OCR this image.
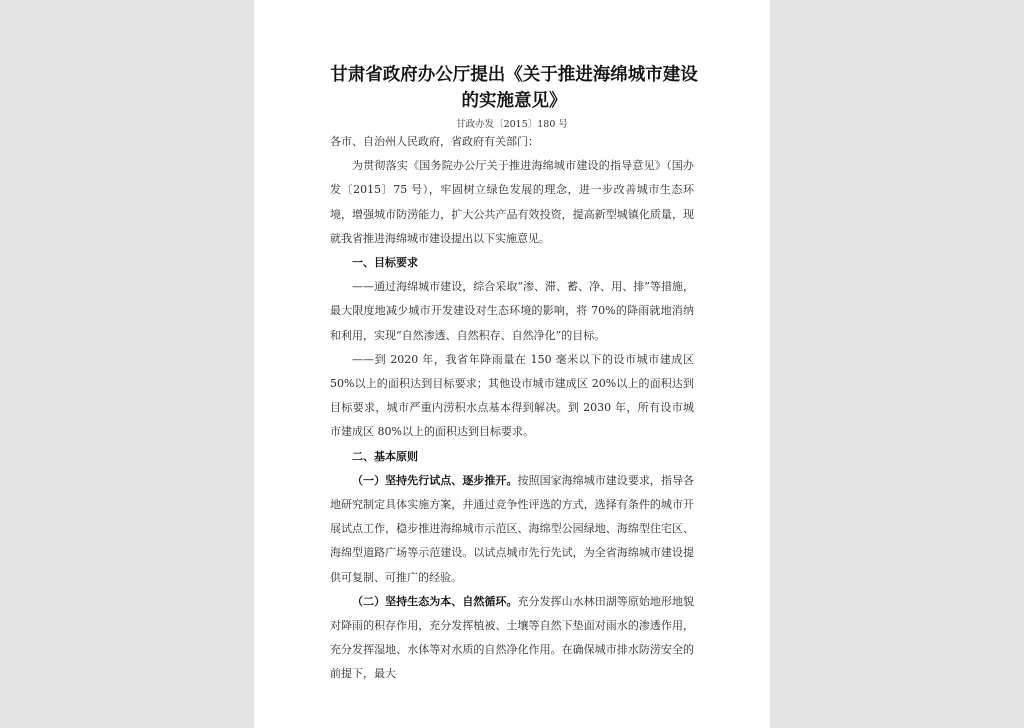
甘肃省政府办公厅提出《关于推进海绵城市建设的实施意见》
甘政办发〔2015〕180 号

各市、自治州人民政府，省政府有关部门：

为贯彻落实《国务院办公厅关于推进海绵城市建设的指导意见》（国办发〔2015〕75 号），牢固树立绿色发展的理念，进一步改善城市生态环境，增强城市防涝能力，扩大公共产品有效投资，提高新型城镇化质量，现就我省推进海绵城市建设提出以下实施意见。

一、目标要求

——通过海绵城市建设，综合采取“渗、滞、蓄、净、用、排”等措施，最大限度地减少城市开发建设对生态环境的影响，将 70%的降雨就地消纳和利用，实现“自然渗透、自然积存、自然净化”的目标。

——到 2020 年，我省年降雨量在 150 毫米以下的设市城市建成区 50%以上的面积达到目标要求；其他设市城市建成区 20%以上的面积达到目标要求，城市严重内涝积水点基本得到解决。到 2030 年，所有设市城市建成区 80%以上的面积达到目标要求。

二、基本原则

（一）坚持先行试点、逐步推开。按照国家海绵城市建设要求，指导各地研究制定具体实施方案，并通过竞争性评选的方式，选择有条件的城市开展试点工作，稳步推进海绵城市示范区、海绵型公园绿地、海绵型住宅区、海绵型道路广场等示范建设。以试点城市先行先试，为全省海绵城市建设提供可复制、可推广的经验。

（二）坚持生态为本、自然循环。充分发挥山水林田湖等原始地形地貌对降雨的积存作用，充分发挥植被、土壤等自然下垫面对雨水的渗透作用，充分发挥湿地、水体等对水质的自然净化作用。在确保城市排水防涝安全的前提下，最大
